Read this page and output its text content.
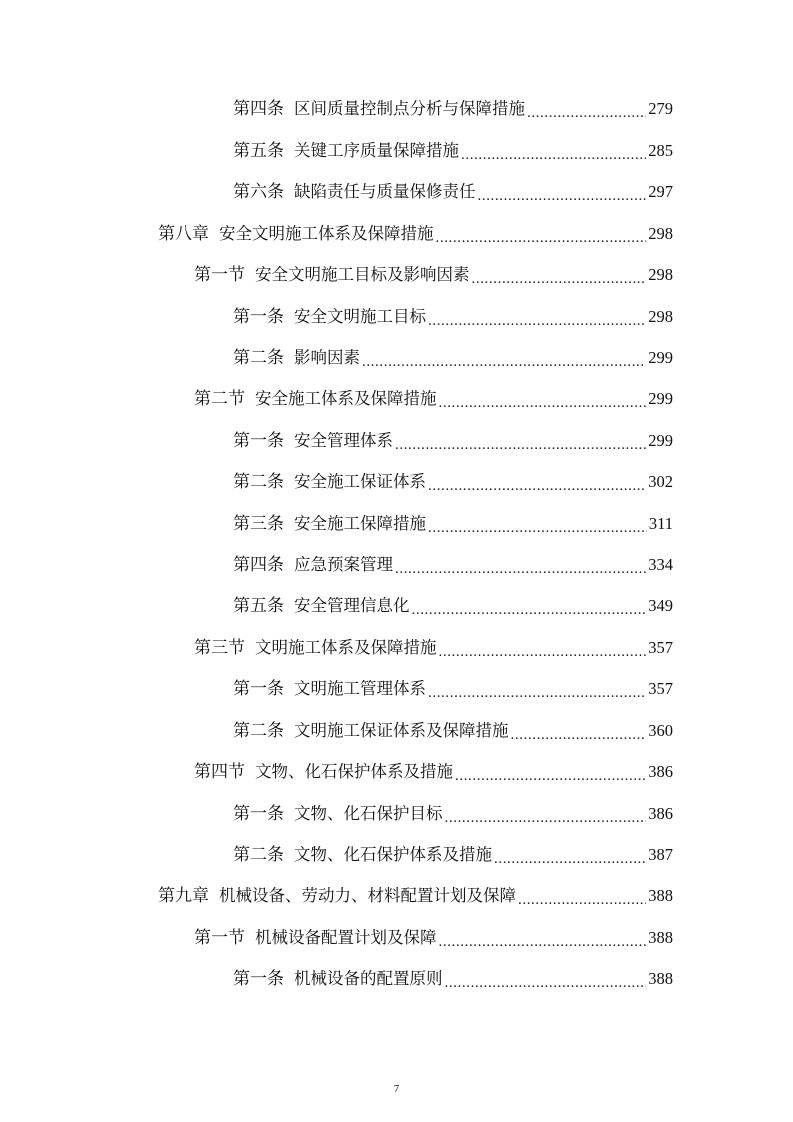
第四条 区间质量控制点分析与保障措施 .....	279
第五条 关键工序质量保障措施 .....	285
第六条 缺陷责任与质量保修责任 .....	297
第八章 安全文明施工体系及保障措施 .....	298
第一节 安全文明施工目标及影响因素 .....	298
第一条 安全文明施工目标 .....	298
第二条 影响因素 .....	299
第二节 安全施工体系及保障措施 .....	299
第一条 安全管理体系 .....	299
第二条 安全施工保证体系 .....	302
第三条 安全施工保障措施 .....	311
第四条 应急预案管理 .....	334
第五条 安全管理信息化 .....	349
第三节 文明施工体系及保障措施 .....	357
第一条 文明施工管理体系 .....	357
第二条 文明施工保证体系及保障措施 .....	360
第四节 文物、化石保护体系及措施 .....	386
第一条 文物、化石保护目标 .....	386
第二条 文物、化石保护体系及措施 .....	387
第九章 机械设备、劳动力、材料配置计划及保障 .....	388
第一节 机械设备配置计划及保障 .....	388
第一条 机械设备的配置原则 .....	388
7
